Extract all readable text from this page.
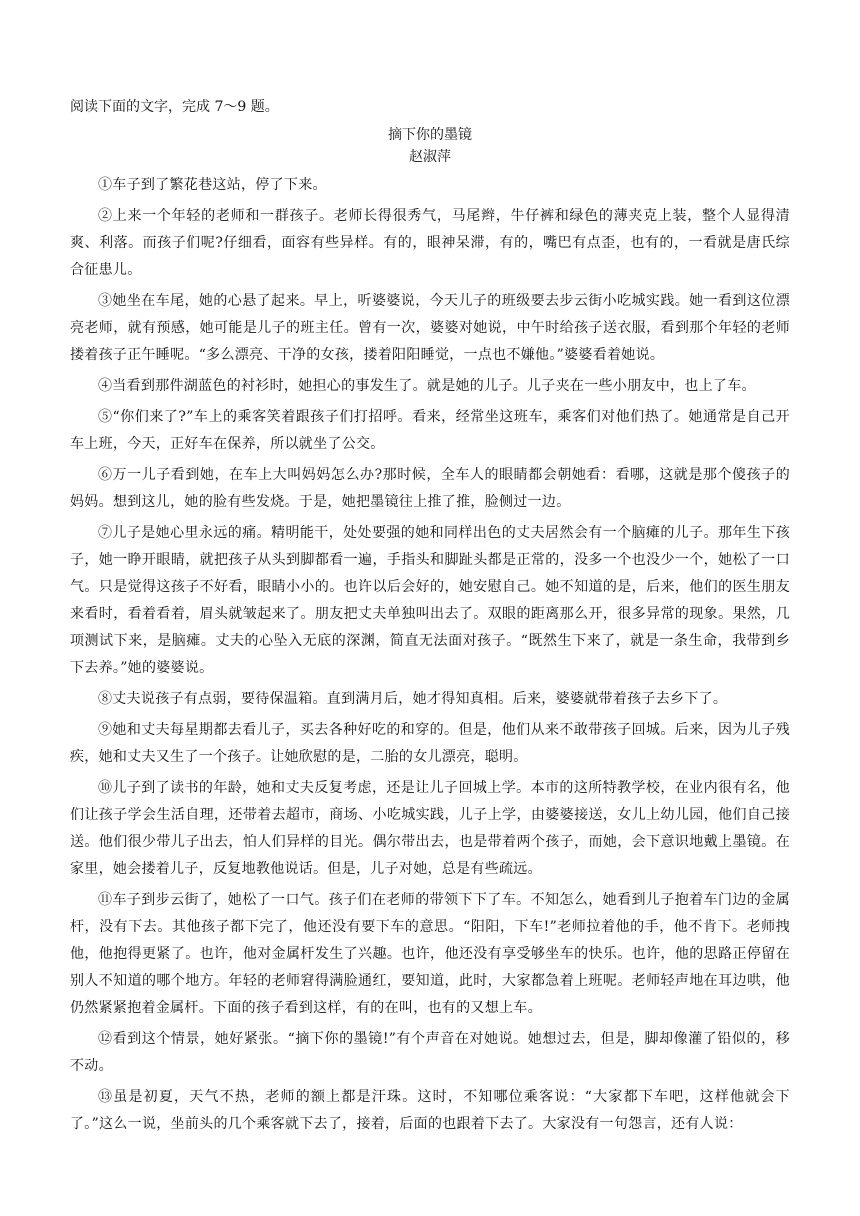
阅读下面的文字，完成 7～9 题。

摘下你的墨镜

赵淑萍

①车子到了繁花巷这站，停了下来。

②上来一个年轻的老师和一群孩子。老师长得很秀气，马尾辫，牛仔裤和绿色的薄夹克上装，整个人显得清爽、利落。而孩子们呢?仔细看，面容有些异样。有的，眼神呆滞，有的，嘴巴有点歪，也有的，一看就是唐氏综合征患儿。

③她坐在车尾，她的心悬了起来。早上，听婆婆说，今天儿子的班级要去步云街小吃城实践。她一看到这位漂亮老师，就有预感，她可能是儿子的班主任。曾有一次，婆婆对她说，中午时给孩子送衣服，看到那个年轻的老师搂着孩子正午睡呢。“多么漂亮、干净的女孩，搂着阳阳睡觉，一点也不嫌他。”婆婆看着她说。

④当看到那件湖蓝色的衬衫时，她担心的事发生了。就是她的儿子。儿子夹在一些小朋友中，也上了车。

⑤“你们来了?”车上的乘客笑着跟孩子们打招呼。看来，经常坐这班车，乘客们对他们热了。她通常是自己开车上班，今天，正好车在保养，所以就坐了公交。

⑥万一儿子看到她，在车上大叫妈妈怎么办?那时候，全车人的眼睛都会朝她看：看哪，这就是那个傻孩子的妈妈。想到这儿，她的脸有些发烧。于是，她把墨镜往上推了推，脸侧过一边。

⑦儿子是她心里永远的痛。精明能干，处处要强的她和同样出色的丈夫居然会有一个脑瘫的儿子。那年生下孩子，她一睁开眼睛，就把孩子从头到脚都看一遍，手指头和脚趾头都是正常的，没多一个也没少一个，她松了一口气。只是觉得这孩子不好看，眼睛小小的。也许以后会好的，她安慰自己。她不知道的是，后来，他们的医生朋友来看时，看着看着，眉头就皱起来了。朋友把丈夫单独叫出去了。双眼的距离那么开，很多异常的现象。果然，几项测试下来，是脑瘫。丈夫的心坠入无底的深渊，简直无法面对孩子。“既然生下来了，就是一条生命，我带到乡下去养。”她的婆婆说。

⑧丈夫说孩子有点弱，要待保温箱。直到满月后，她才得知真相。后来，婆婆就带着孩子去乡下了。

⑨她和丈夫每星期都去看儿子，买去各种好吃的和穿的。但是，他们从来不敢带孩子回城。后来，因为儿子残疾，她和丈夫又生了一个孩子。让她欣慰的是，二胎的女儿漂亮，聪明。

⑩儿子到了读书的年龄，她和丈夫反复考虑，还是让儿子回城上学。本市的这所特教学校，在业内很有名，他们让孩子学会生活自理，还带着去超市，商场、小吃城实践，儿子上学，由婆婆接送，女儿上幼儿园，他们自己接送。他们很少带儿子出去，怕人们异样的目光。偶尔带出去，也是带着两个孩子，而她，会下意识地戴上墨镜。在家里，她会搂着儿子，反复地教他说话。但是，儿子对她，总是有些疏远。

⑪车子到步云街了，她松了一口气。孩子们在老师的带领下下了车。不知怎么，她看到儿子抱着车门边的金属杆，没有下去。其他孩子都下完了，他还没有要下车的意思。“阳阳，下车!”老师拉着他的手，他不肯下。老师拽他，他抱得更紧了。也许，他对金属杆发生了兴趣。也许，他还没有享受够坐车的快乐。也许，他的思路正停留在别人不知道的哪个地方。年轻的老师窘得满脸通红，要知道，此时，大家都急着上班呢。老师轻声地在耳边哄，他仍然紧紧抱着金属杆。下面的孩子看到这样，有的在叫，也有的又想上车。

⑫看到这个情景，她好紧张。“摘下你的墨镜!”有个声音在对她说。她想过去，但是，脚却像灌了铅似的，移不动。

⑬虽是初夏，天气不热，老师的额上都是汗珠。这时，不知哪位乘客说：“大家都下车吧，这样他就会下了。”这么一说，坐前头的几个乘客就下去了，接着，后面的也跟着下去了。大家没有一句怨言，还有人说：
